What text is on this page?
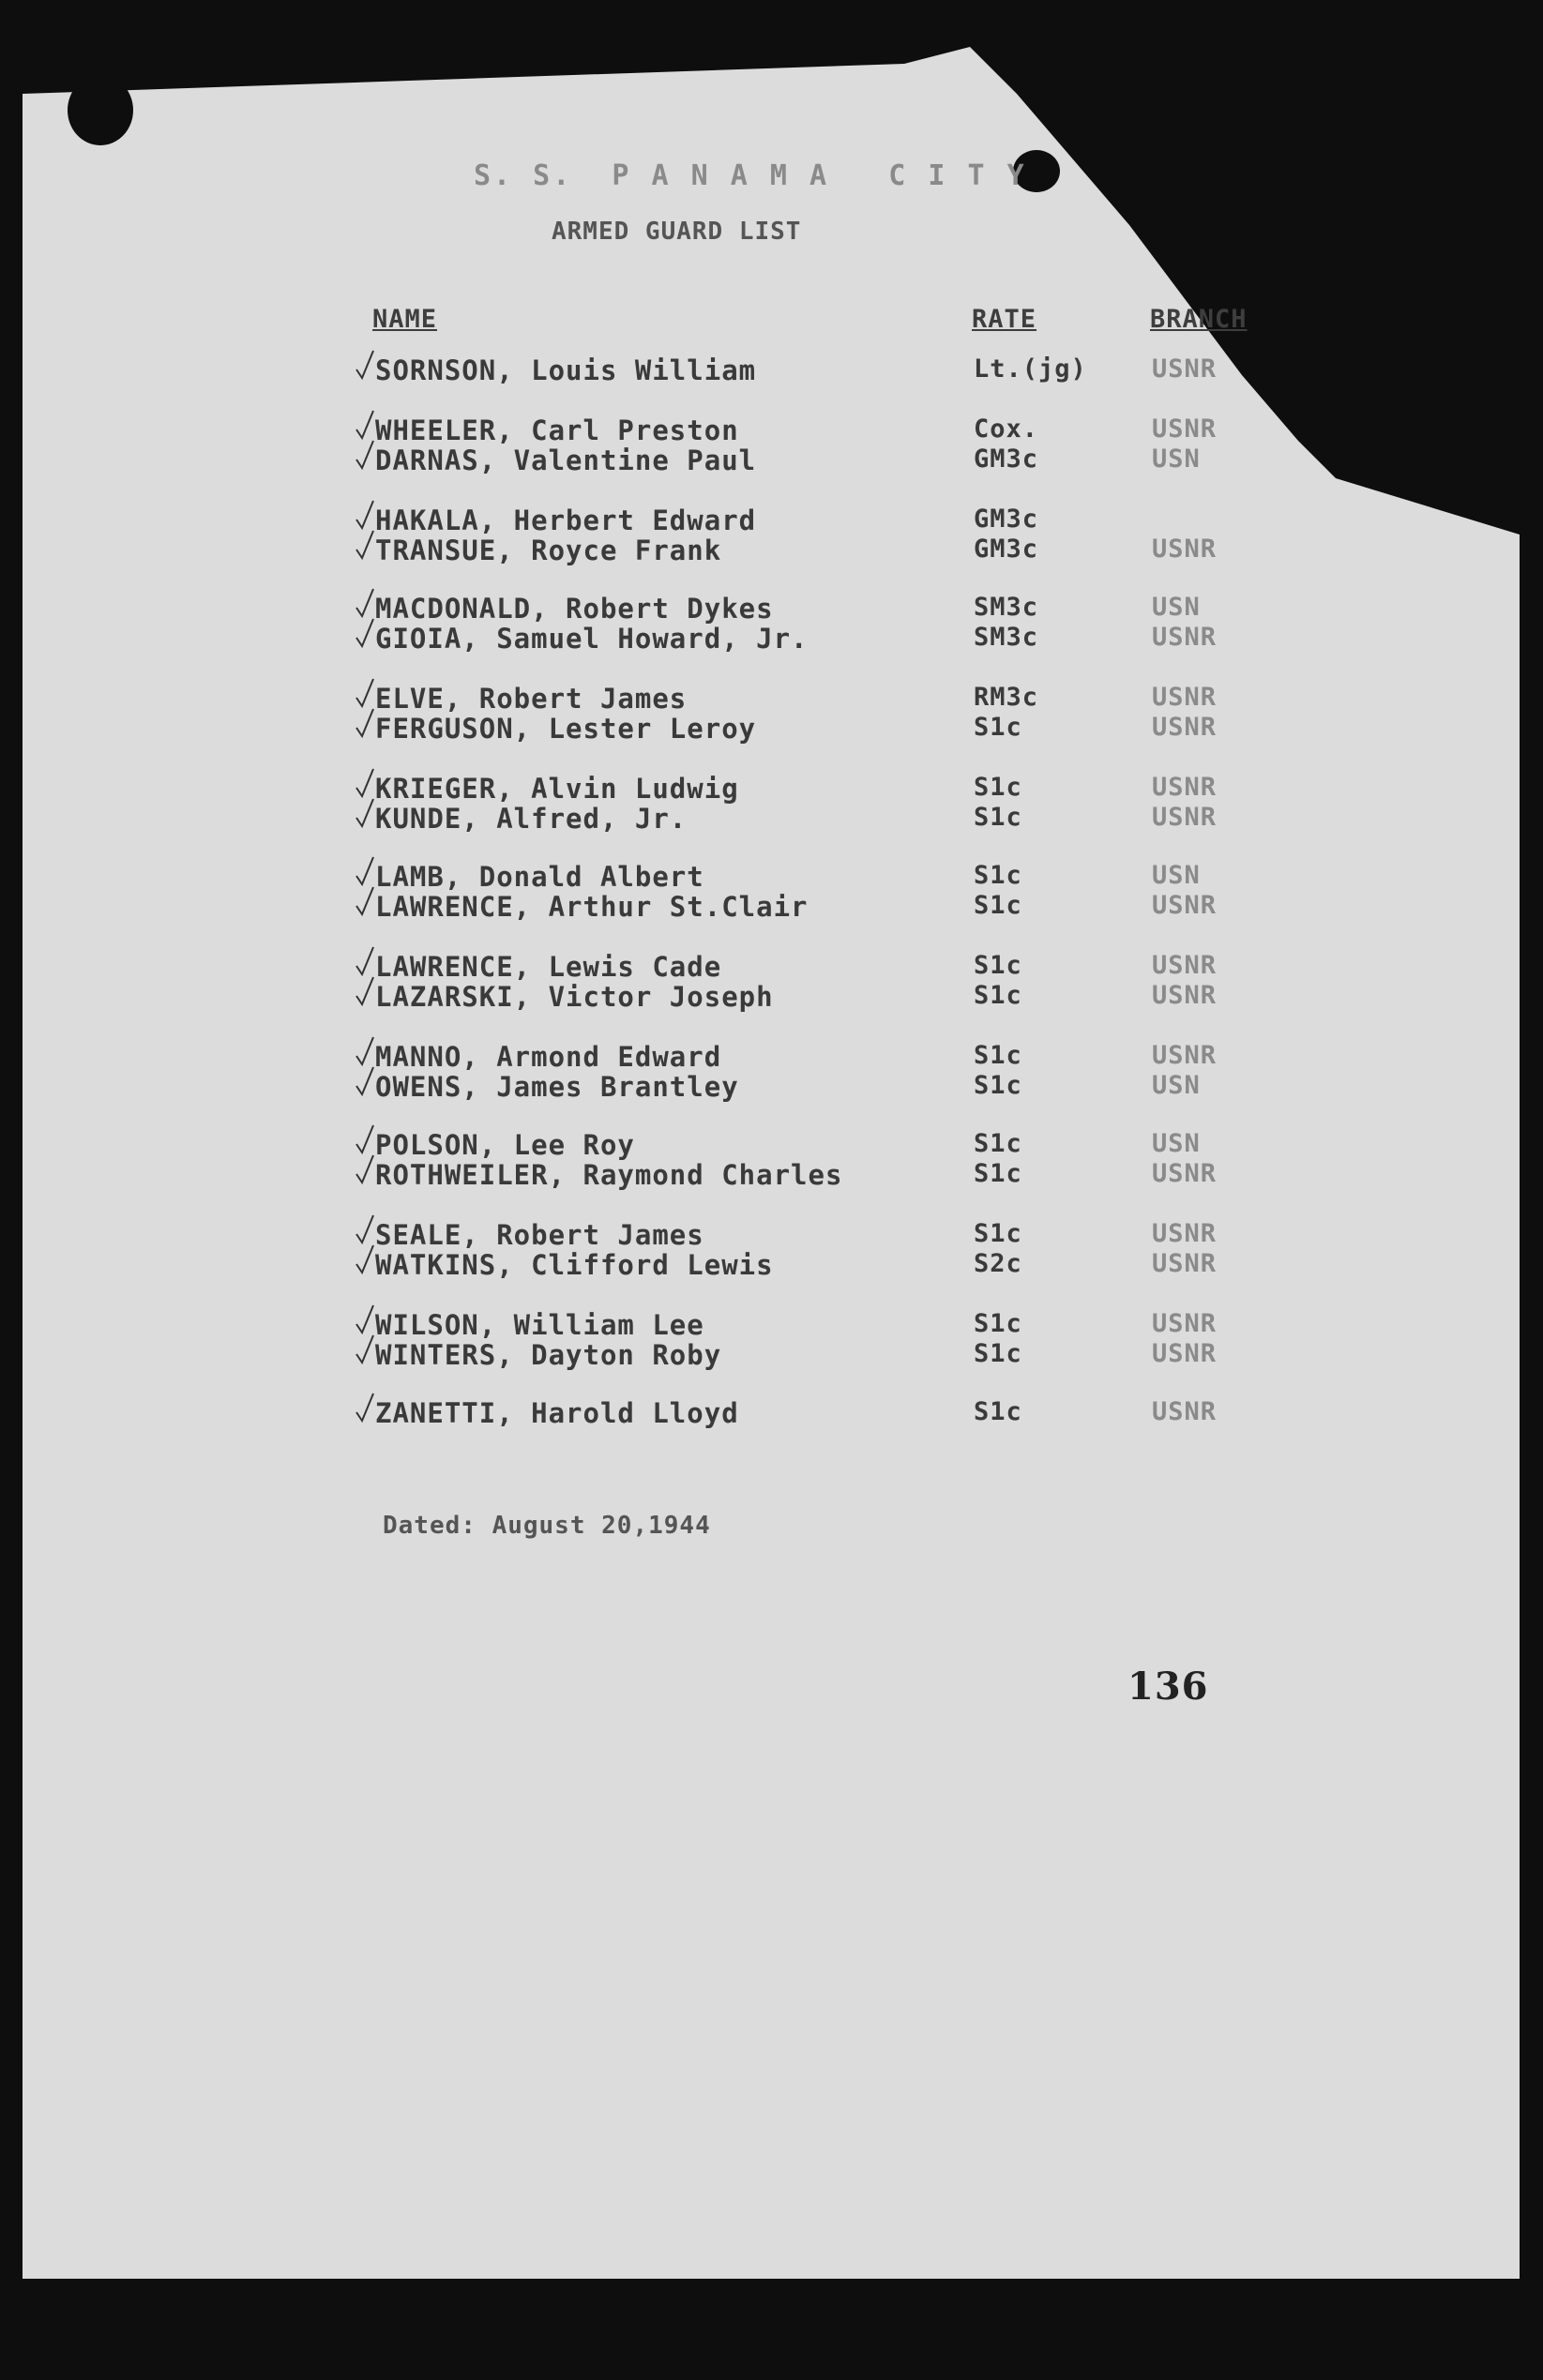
S. S.  P A N A M A   C I T Y
ARMED GUARD LIST
NAME	RATE	BRANCH
SORNSON, Louis William	Lt.(jg)	USNR
WHEELER, Carl Preston	Cox.	USNR
DARNAS, Valentine Paul	GM3c	USN
HAKALA, Herbert Edward	GM3c
TRANSUE, Royce Frank	GM3c	USNR
MACDONALD, Robert Dykes	SM3c	USN
GIOIA, Samuel Howard, Jr.	SM3c	USNR
ELVE, Robert James	RM3c	USNR
FERGUSON, Lester Leroy	S1c	USNR
KRIEGER, Alvin Ludwig	S1c	USNR
KUNDE, Alfred, Jr.	S1c	USNR
LAMB, Donald Albert	S1c	USN
LAWRENCE, Arthur St.Clair	S1c	USNR
LAWRENCE, Lewis Cade	S1c	USNR
LAZARSKI, Victor Joseph	S1c	USNR
MANNO, Armond Edward	S1c	USNR
OWENS, James Brantley	S1c	USN
POLSON, Lee Roy	S1c	USN
ROTHWEILER, Raymond Charles	S1c	USNR
SEALE, Robert James	S1c	USNR
WATKINS, Clifford Lewis	S2c	USNR
WILSON, William Lee	S1c	USNR
WINTERS, Dayton Roby	S1c	USNR
ZANETTI, Harold Lloyd	S1c	USNR
Dated: August 20,1944
136
